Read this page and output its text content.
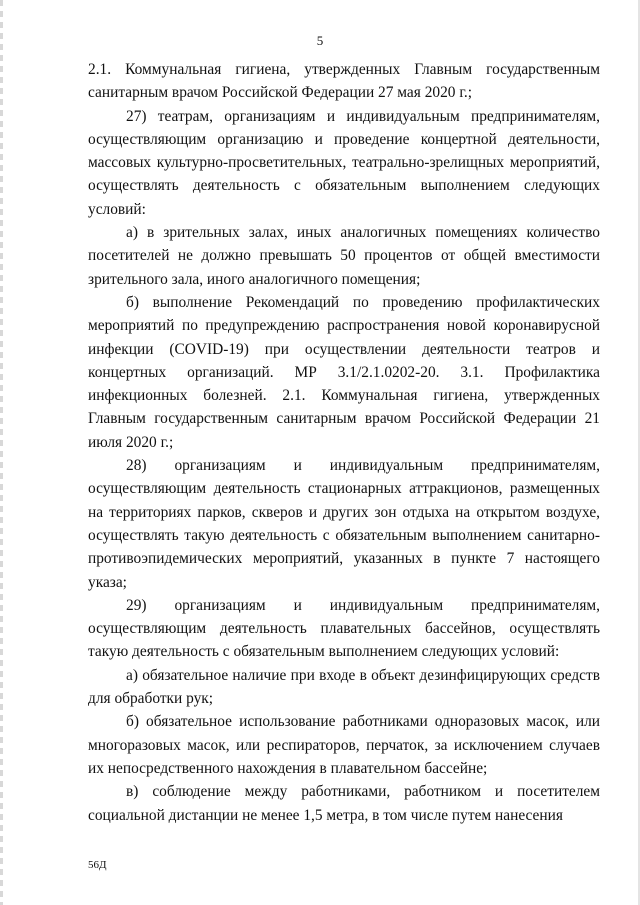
5

2.1. Коммунальная гигиена, утвержденных Главным государственным санитарным врачом Российской Федерации 27 мая 2020 г.;

27) театрам, организациям и индивидуальным предпринимателям, осуществляющим организацию и проведение концертной деятельности, массовых культурно-просветительных, театрально-зрелищных мероприятий, осуществлять деятельность с обязательным выполнением следующих условий:

а) в зрительных залах, иных аналогичных помещениях количество посетителей не должно превышать 50 процентов от общей вместимости зрительного зала, иного аналогичного помещения;

б) выполнение Рекомендаций по проведению профилактических мероприятий по предупреждению распространения новой коронавирусной инфекции (COVID-19) при осуществлении деятельности театров и концертных организаций. МР 3.1/2.1.0202-20. 3.1. Профилактика инфекционных болезней. 2.1. Коммунальная гигиена, утвержденных Главным государственным санитарным врачом Российской Федерации 21 июля 2020 г.;

28) организациям и индивидуальным предпринимателям, осуществляющим деятельность стационарных аттракционов, размещенных на территориях парков, скверов и других зон отдыха на открытом воздухе, осуществлять такую деятельность с обязательным выполнением санитарно-противоэпидемических мероприятий, указанных в пункте 7 настоящего указа;

29) организациям и индивидуальным предпринимателям, осуществляющим деятельность плавательных бассейнов, осуществлять такую деятельность с обязательным выполнением следующих условий:

а) обязательное наличие при входе в объект дезинфицирующих средств для обработки рук;

б) обязательное использование работниками одноразовых масок, или многоразовых масок, или респираторов, перчаток, за исключением случаев их непосредственного нахождения в плавательном бассейне;

в) соблюдение между работниками, работником и посетителем социальной дистанции не менее 1,5 метра, в том числе путем нанесения

56Д
